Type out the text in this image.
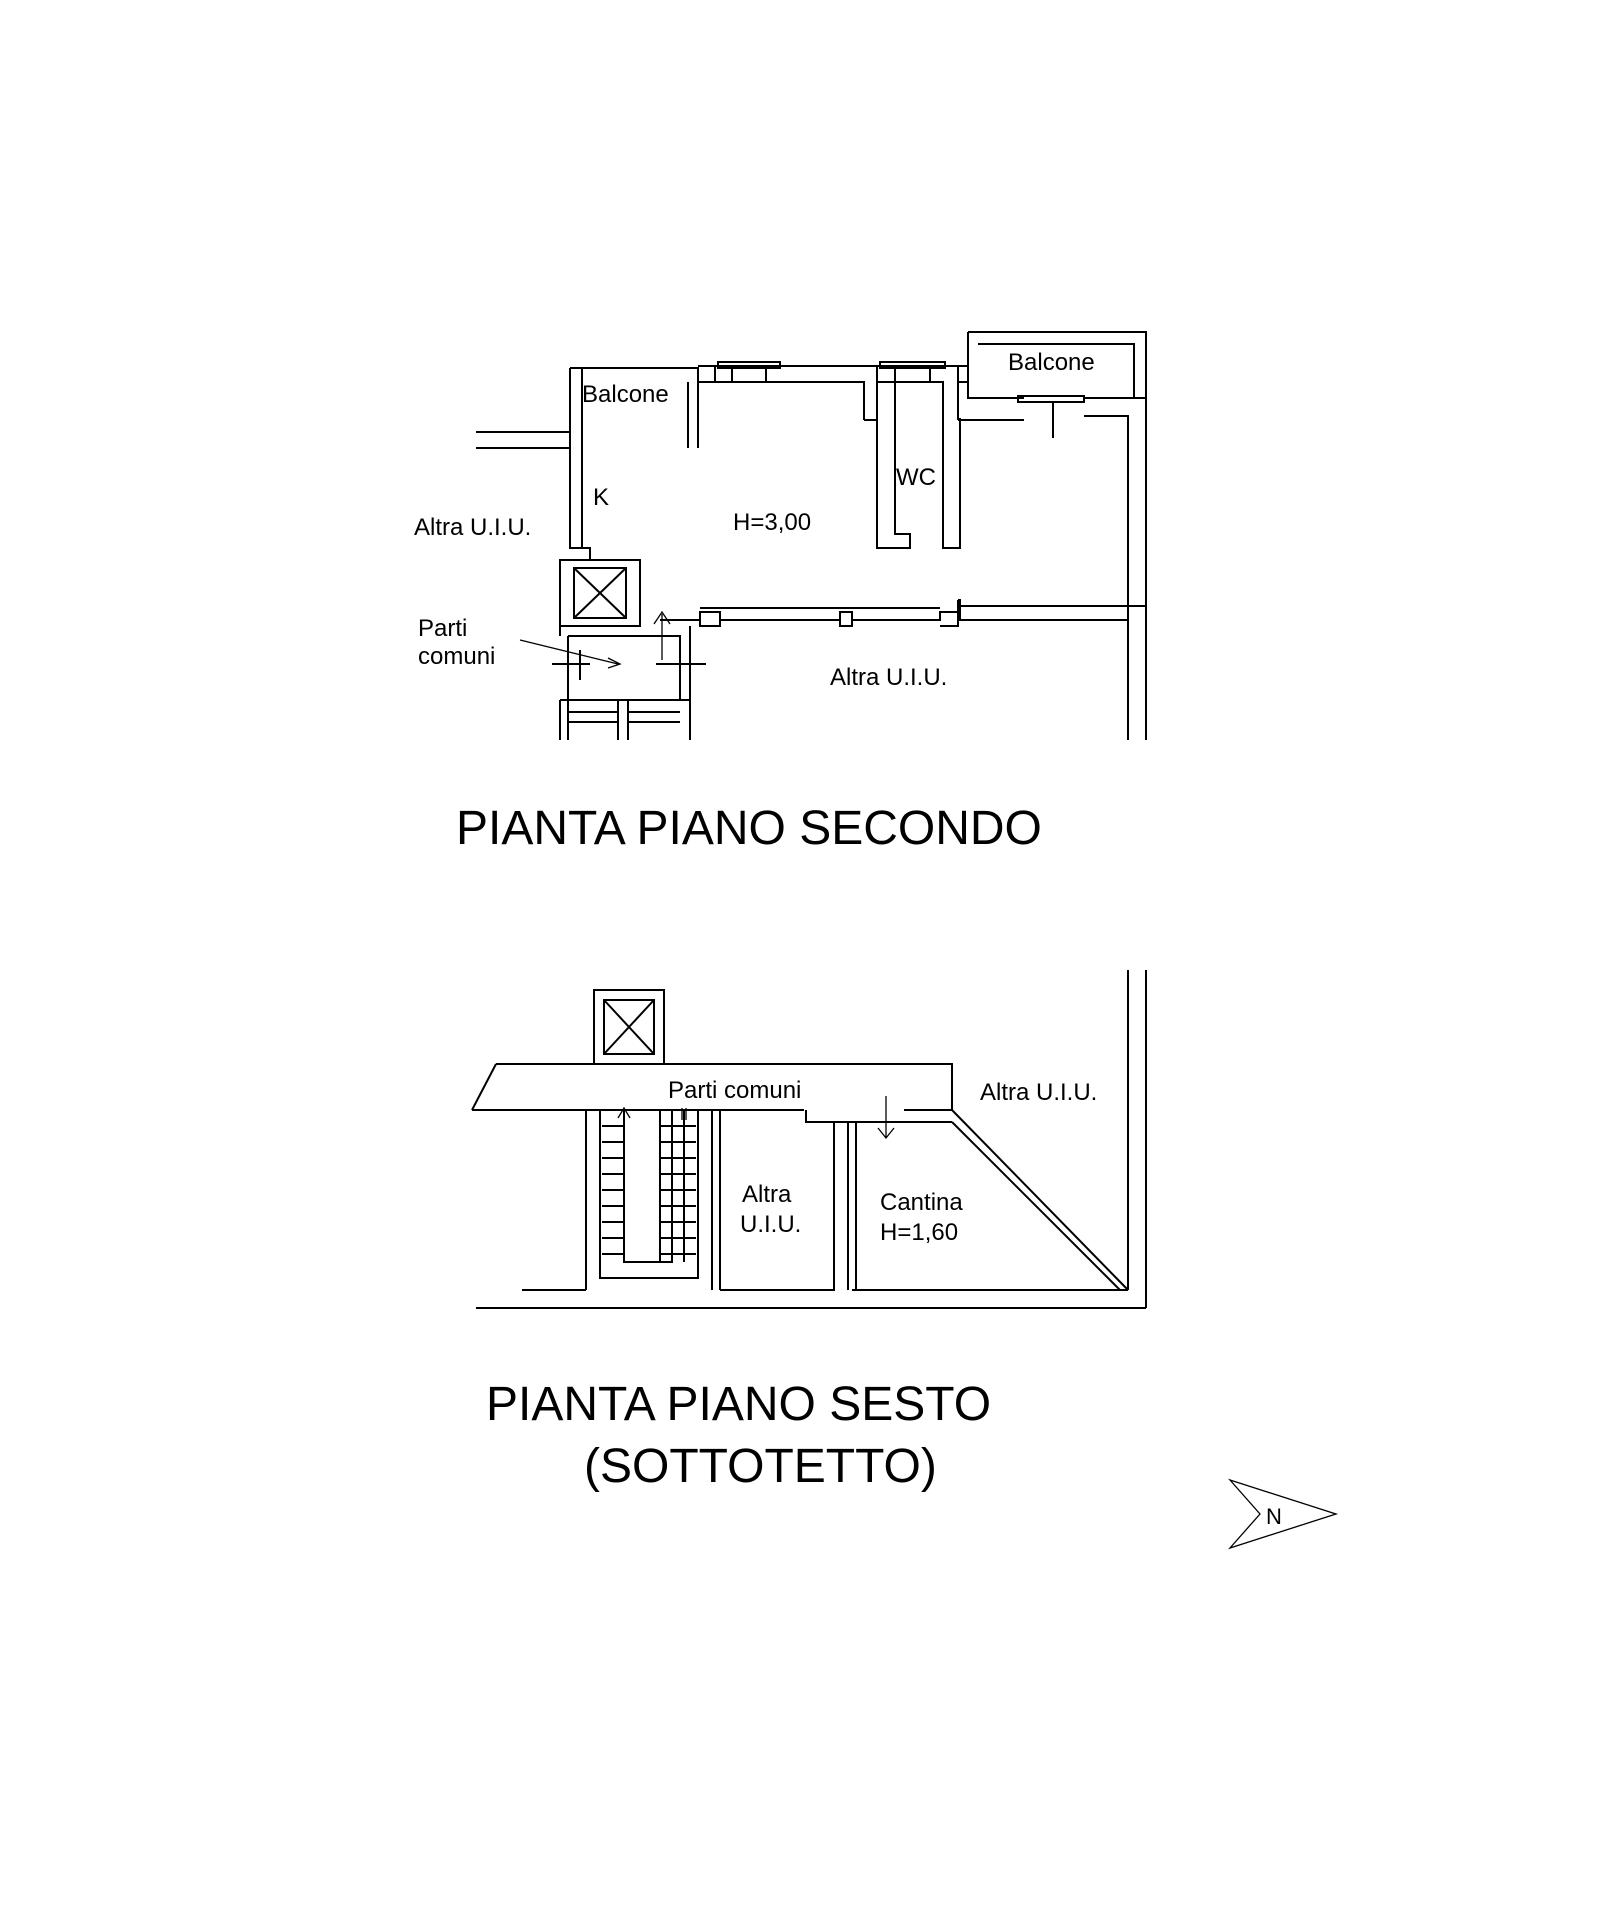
Balcone
Balcone
K
WC
H=3,00
Altra U.I.U.
Altra U.I.U.
Parti
comuni
PIANTA PIANO SECONDO
Parti comuni	Altra U.I.U.
Altra
U.I.U.
Cantina
H=1,60
PIANTA PIANO SESTO
(SOTTOTETTO)
N
